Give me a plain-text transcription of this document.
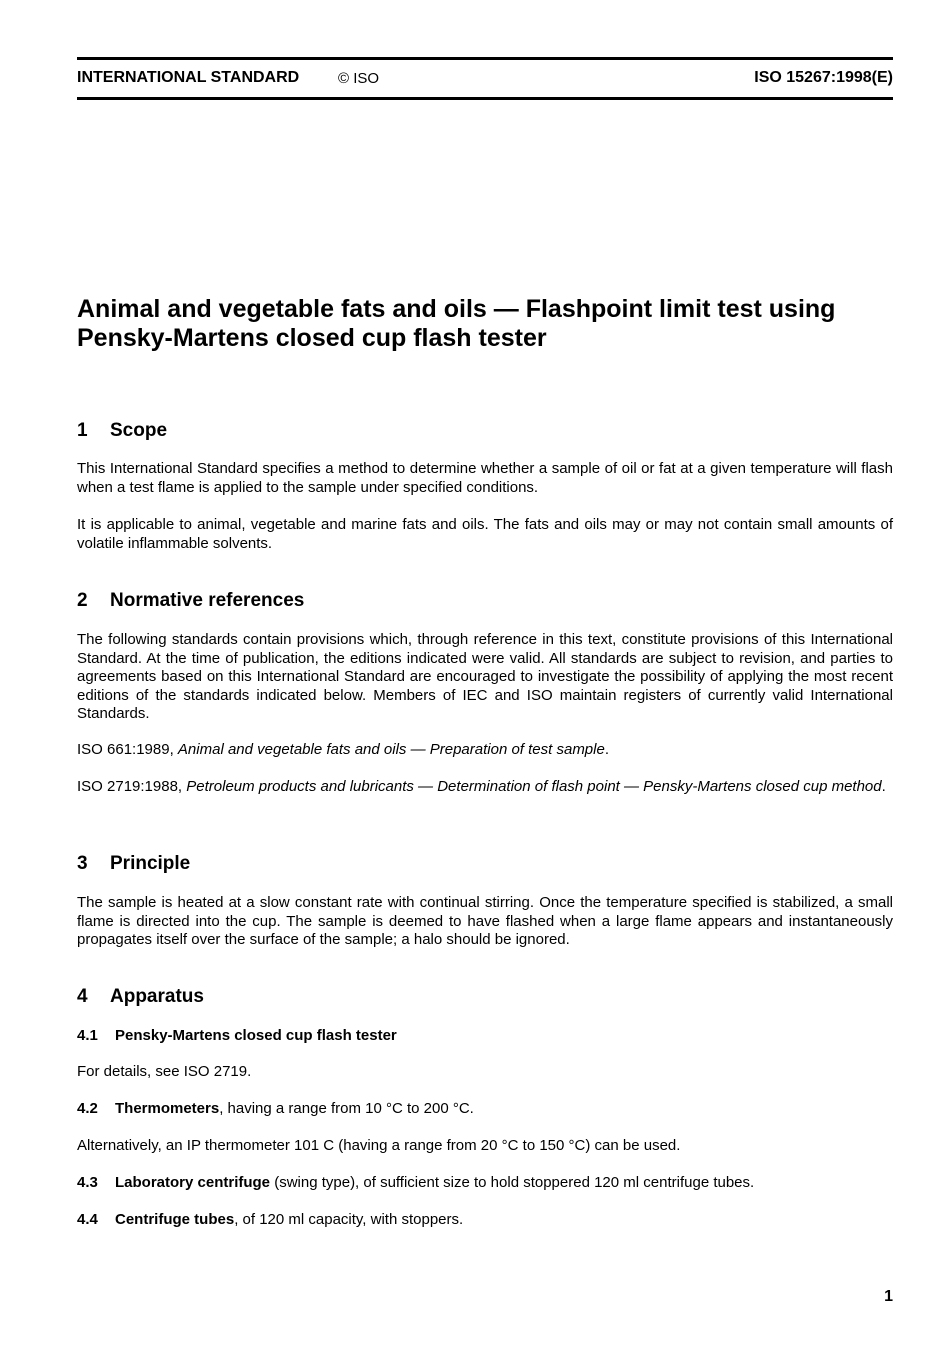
INTERNATIONAL STANDARD	© ISO	ISO 15267:1998(E)
Animal and vegetable fats and oils — Flashpoint limit test using
Pensky-Martens closed cup flash tester
1 Scope

This International Standard specifies a method to determine whether a sample of oil or fat at a given temperature will flash when a test flame is applied to the sample under specified conditions.

It is applicable to animal, vegetable and marine fats and oils. The fats and oils may or may not contain small amounts of volatile inflammable solvents.

2 Normative references

The following standards contain provisions which, through reference in this text, constitute provisions of this International Standard. At the time of publication, the editions indicated were valid. All standards are subject to revision, and parties to agreements based on this International Standard are encouraged to investigate the possibility of applying the most recent editions of the standards indicated below. Members of IEC and ISO maintain registers of currently valid International Standards.

ISO 661:1989, Animal and vegetable fats and oils — Preparation of test sample.

ISO 2719:1988, Petroleum products and lubricants — Determination of flash point — Pensky-Martens closed cup method.

3 Principle

The sample is heated at a slow constant rate with continual stirring. Once the temperature specified is stabilized, a small flame is directed into the cup. The sample is deemed to have flashed when a large flame appears and instantaneously propagates itself over the surface of the sample; a halo should be ignored.

4 Apparatus
4.1 Pensky-Martens closed cup flash tester

For details, see ISO 2719.

4.2 Thermometers, having a range from 10 °C to 200 °C.

Alternatively, an IP thermometer 101 C (having a range from 20 °C to 150 °C) can be used.

4.3 Laboratory centrifuge (swing type), of sufficient size to hold stoppered 120 ml centrifuge tubes.

4.4 Centrifuge tubes, of 120 ml capacity, with stoppers.

1
